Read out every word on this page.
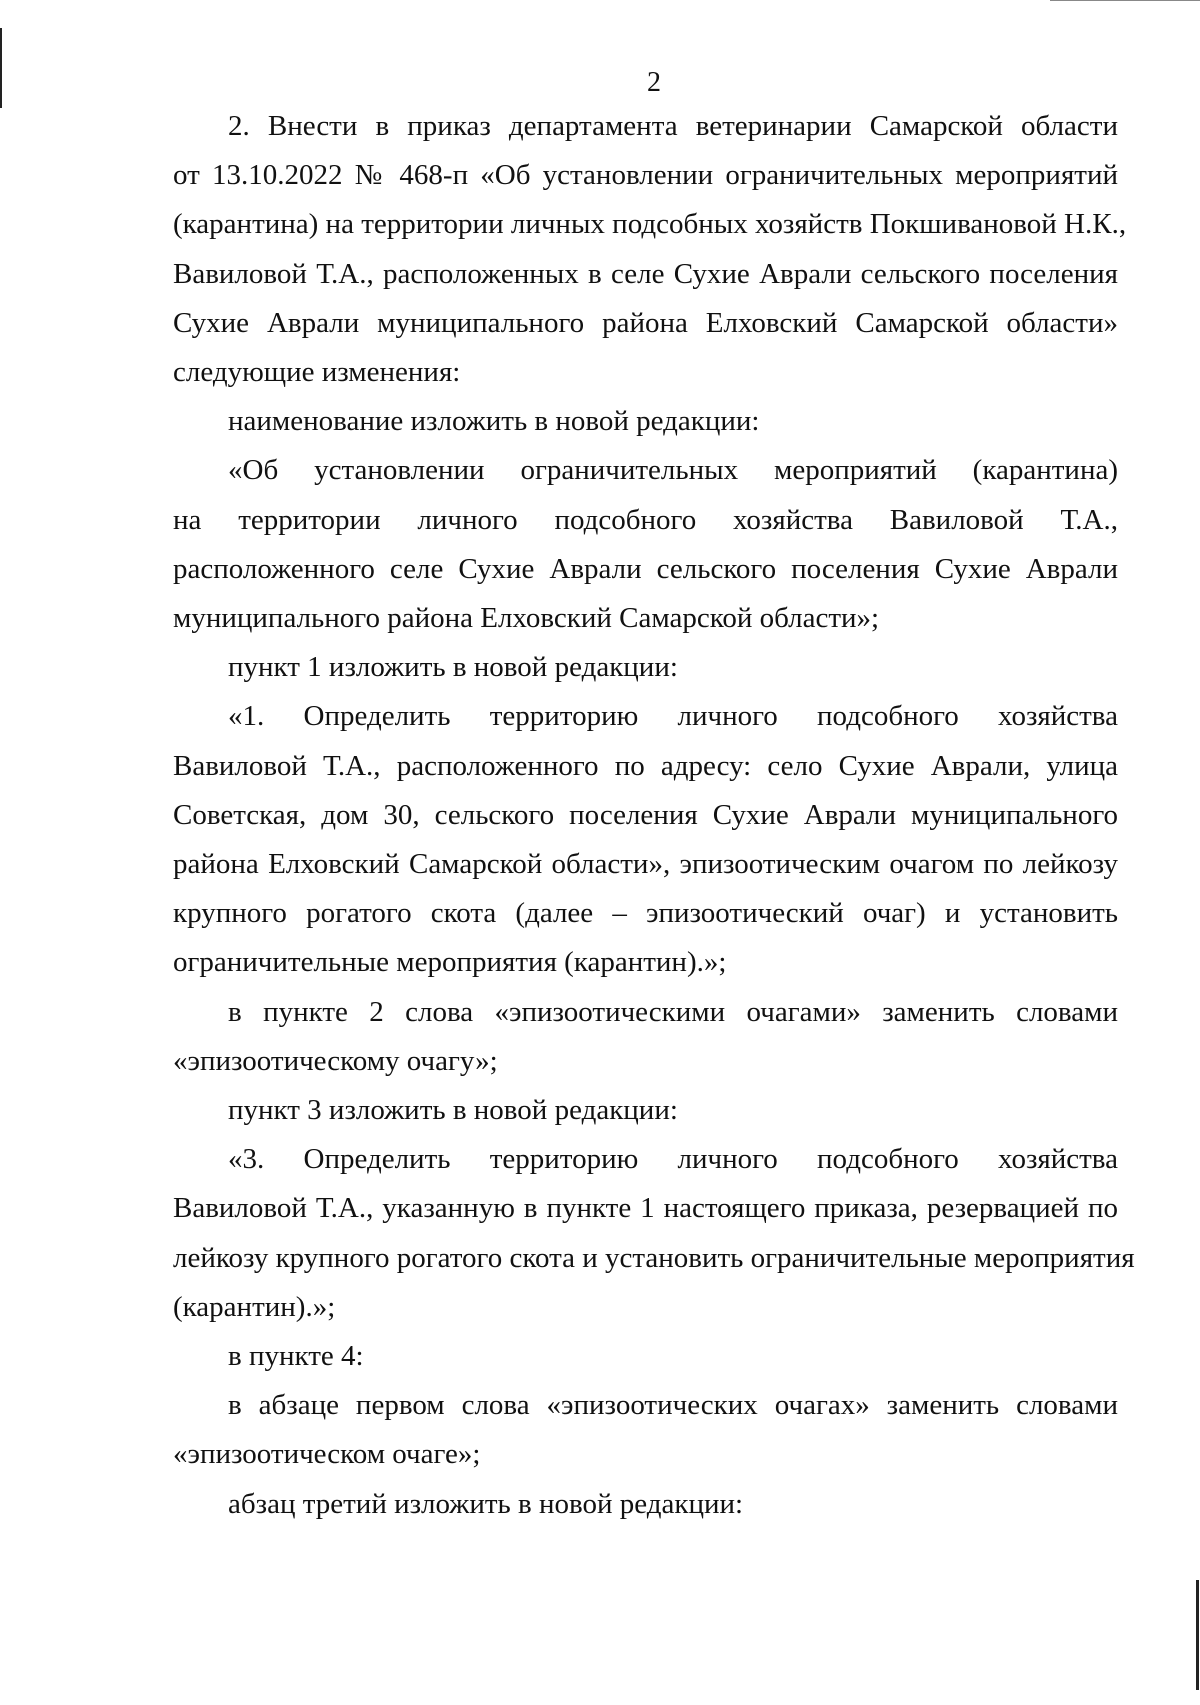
2
2. Внести в приказ департамента ветеринарии Самарской области
от 13.10.2022 № 468-п «Об установлении ограничительных мероприятий
(карантина) на территории личных подсобных хозяйств Покшивановой Н.К.,
Вавиловой Т.А., расположенных в селе Сухие Аврали сельского поселения
Сухие Аврали муниципального района Елховский Самарской области»
следующие изменения:
наименование изложить в новой редакции:
«Об установлении ограничительных мероприятий (карантина)
на территории личного подсобного хозяйства Вавиловой Т.А.,
расположенного селе Сухие Аврали сельского поселения Сухие Аврали
муниципального района Елховский Самарской области»;
пункт 1 изложить в новой редакции:
«1. Определить территорию личного подсобного хозяйства
Вавиловой Т.А., расположенного по адресу: село Сухие Аврали, улица
Советская, дом 30, сельского поселения Сухие Аврали муниципального
района Елховский Самарской области», эпизоотическим очагом по лейкозу
крупного рогатого скота (далее – эпизоотический очаг) и установить
ограничительные мероприятия (карантин).»;
в пункте 2 слова «эпизоотическими очагами» заменить словами
«эпизоотическому очагу»;
пункт 3 изложить в новой редакции:
«3. Определить территорию личного подсобного хозяйства
Вавиловой Т.А., указанную в пункте 1 настоящего приказа, резервацией по
лейкозу крупного рогатого скота и установить ограничительные мероприятия
(карантин).»;
в пункте 4:
в абзаце первом слова «эпизоотических очагах» заменить словами
«эпизоотическом очаге»;
абзац третий изложить в новой редакции:
